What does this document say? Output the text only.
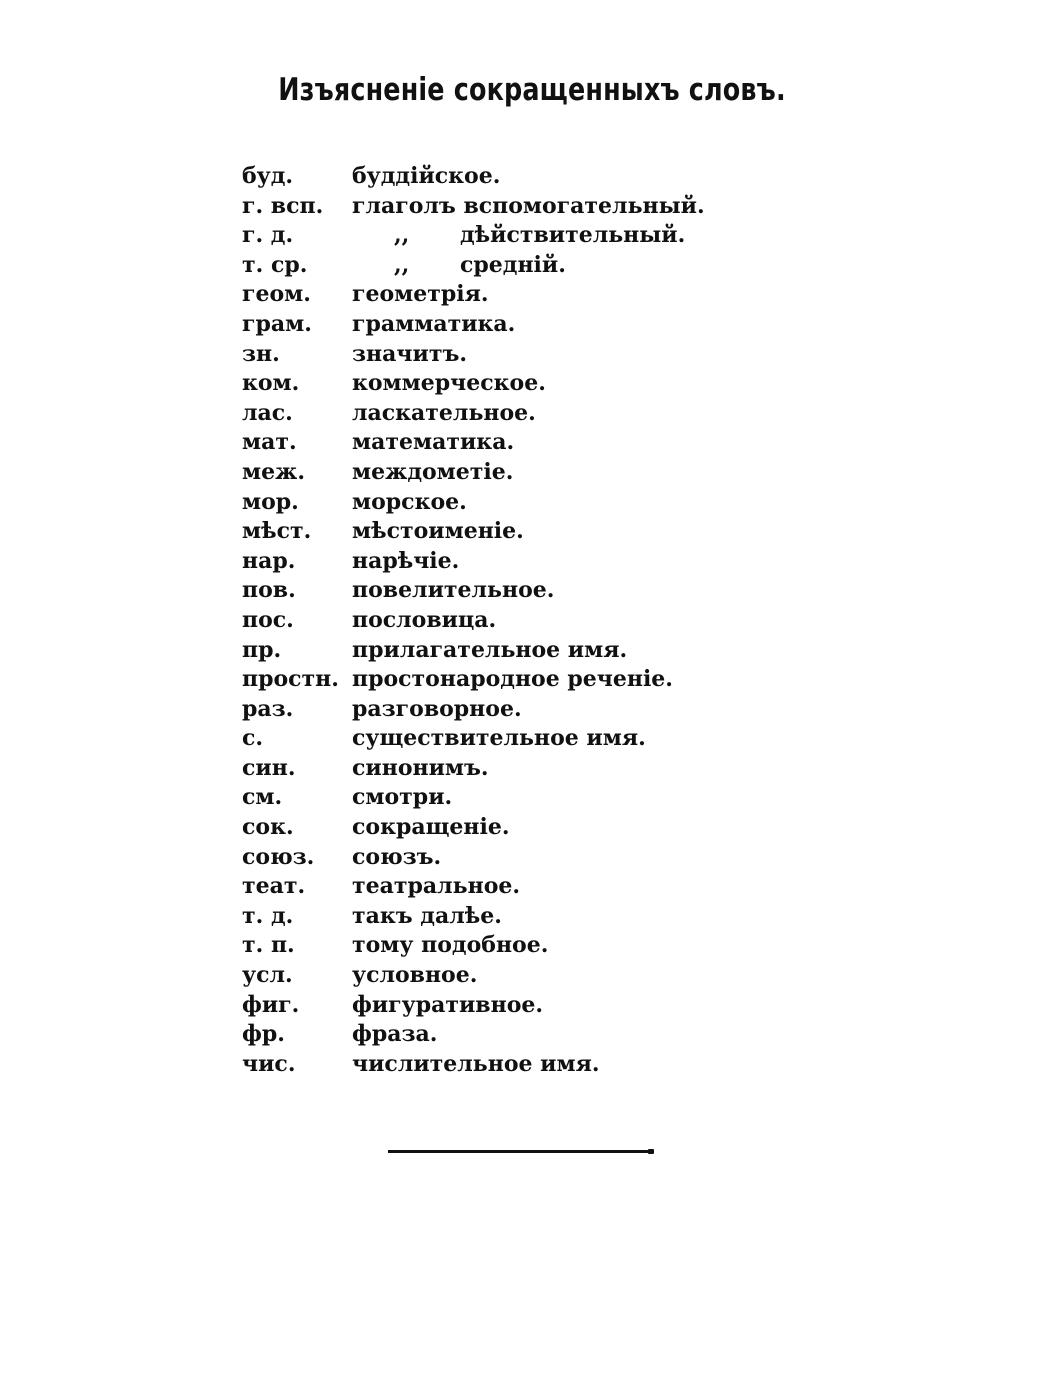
Изъясненіе сокращенныхъ словъ.
буд.	буддійское.
г. всп.	глаголъ вспомогательный.
г. д.	,, дѣйствительный.
т. ср.	,, средній.
геом.	геометрія.
грам.	грамматика.
зн.	значитъ.
ком.	коммерческое.
лас.	ласкательное.
мат.	математика.
меж.	междометіе.
мор.	морское.
мѣст.	мѣстоименіе.
нар.	нарѣчіе.
пов.	повелительное.
пос.	пословица.
пр.	прилагательное имя.
простн. простонародное реченіе.
раз.	разговорное.
с.	существительное имя.
син.	синонимъ.
см.	смотри.
сок.	сокращеніе.
союз.	союзъ.
теат.	театральное.
т. д.	такъ далѣе.
т. п.	тому подобное.
усл.	условное.
фиг.	фигуративное.
фр.	фраза.
чис.	числительное имя.
